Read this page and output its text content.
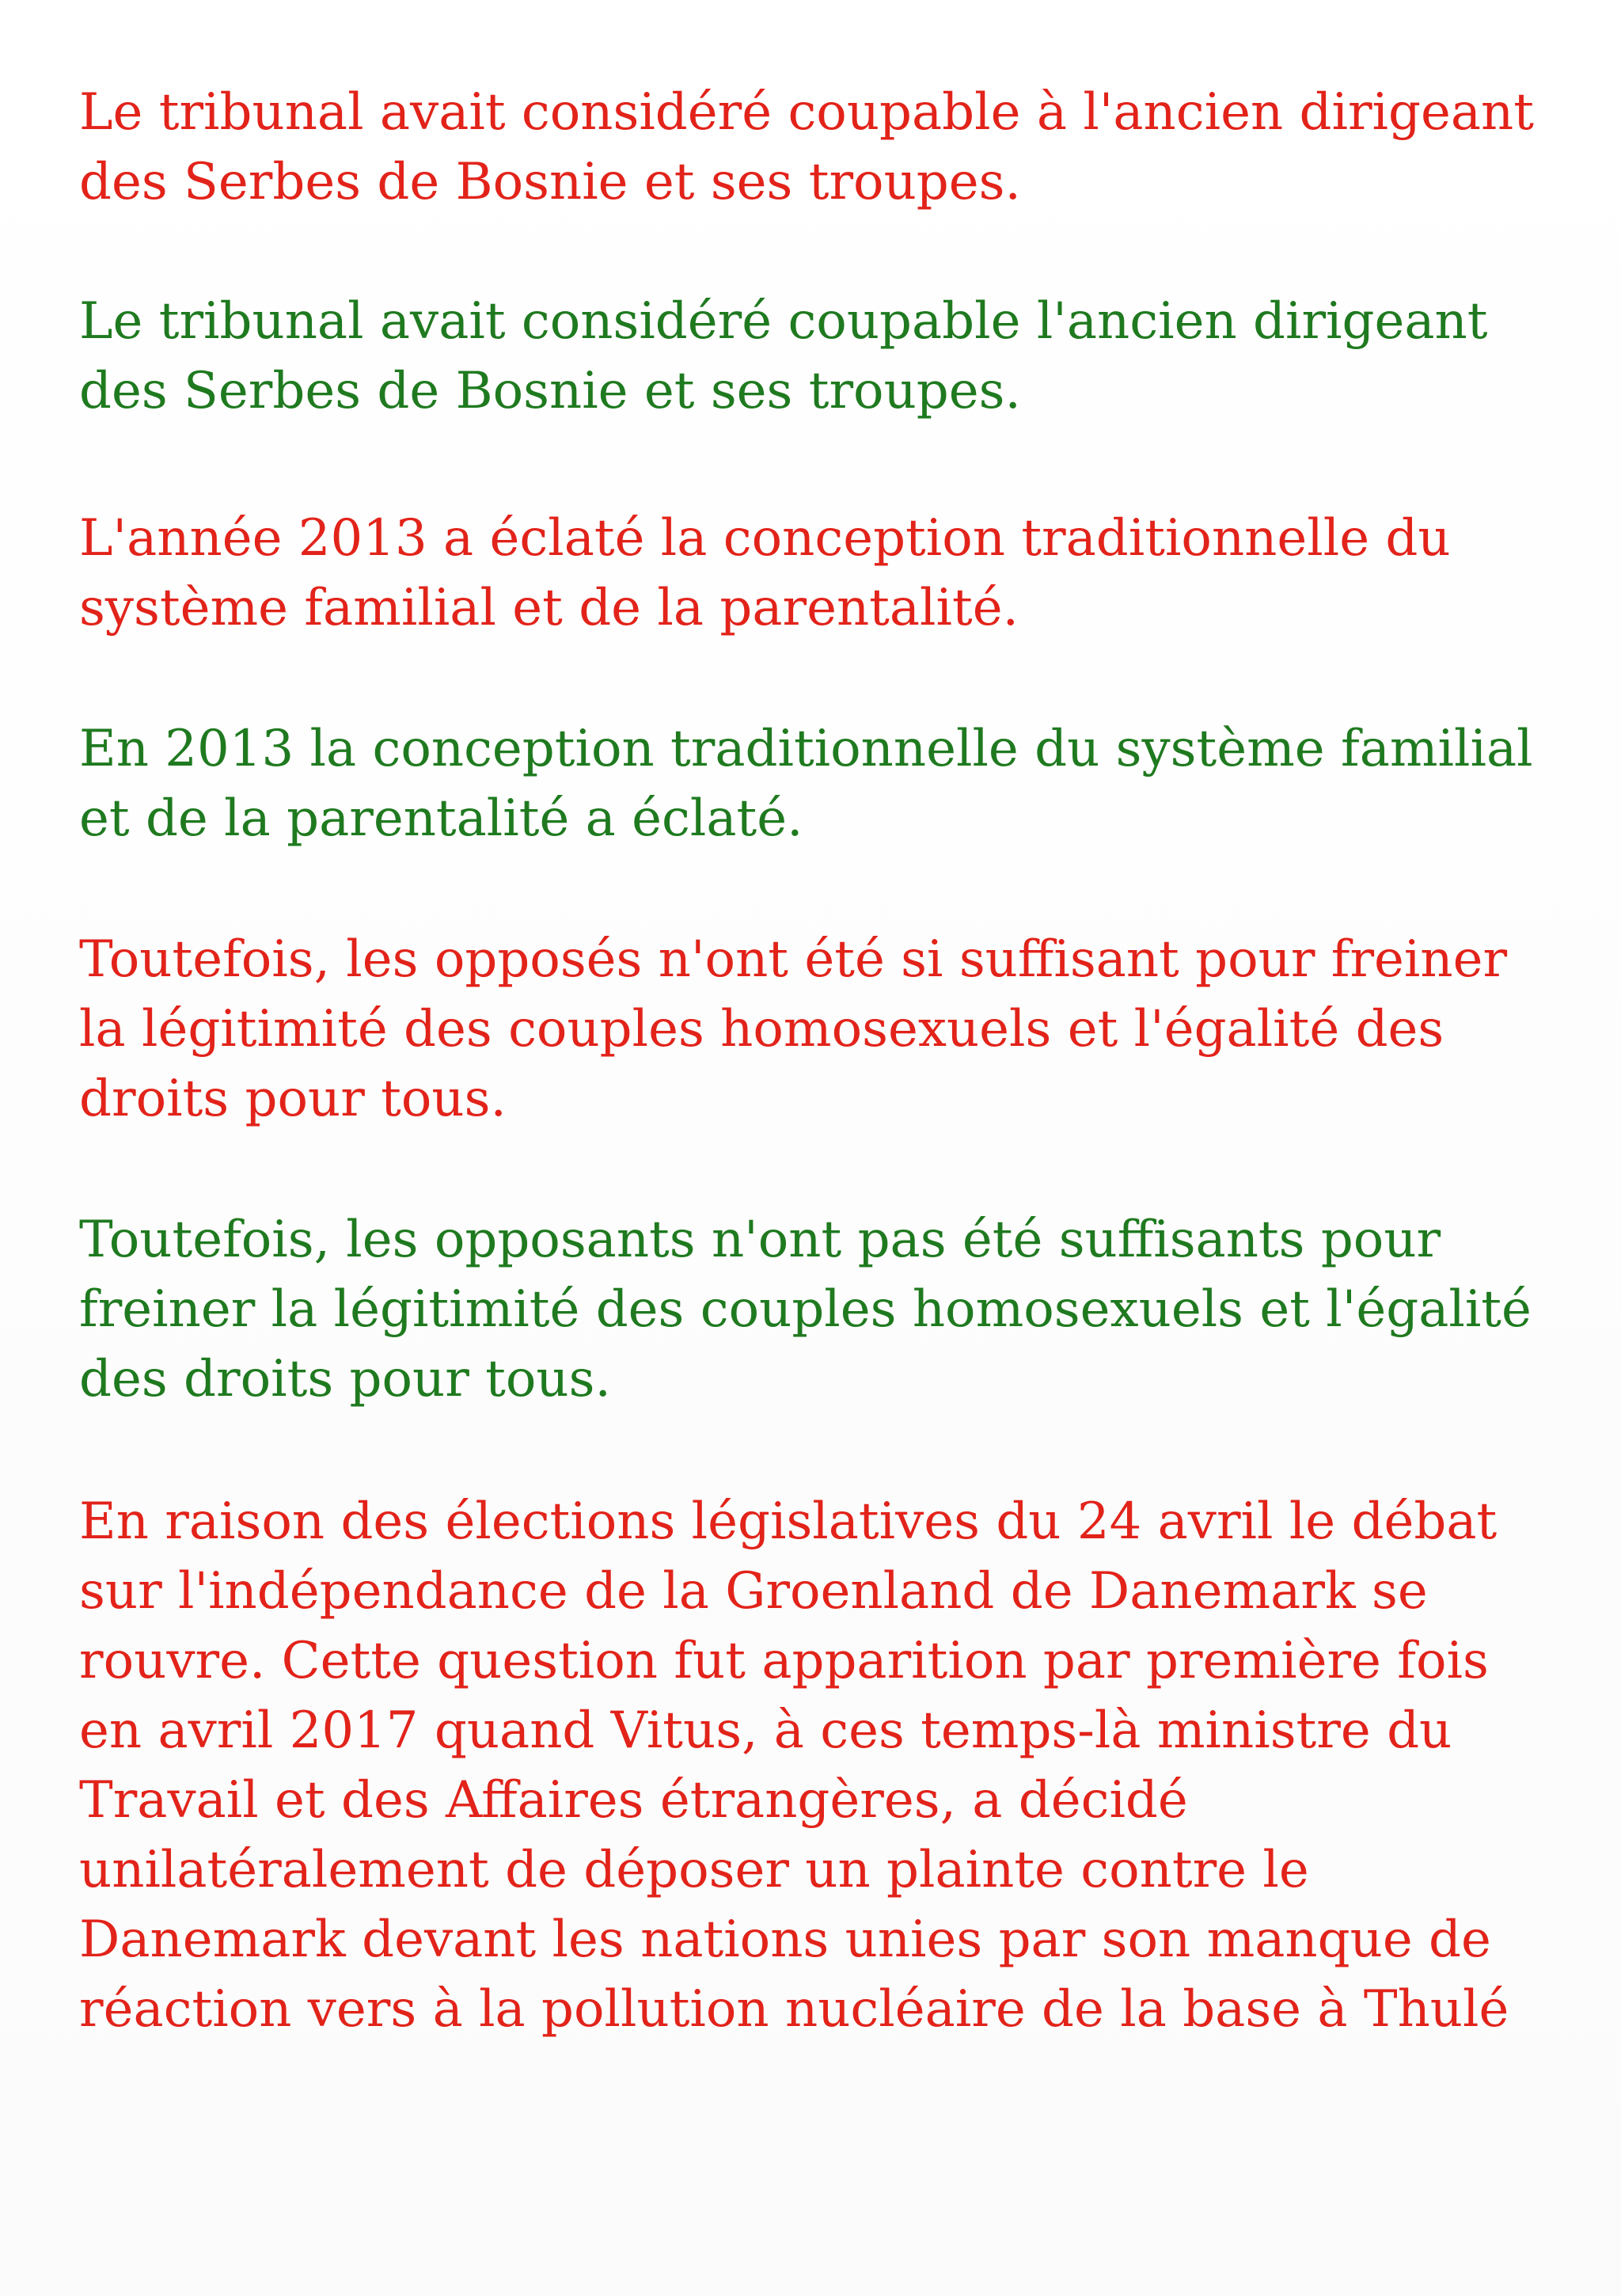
Le tribunal avait considéré coupable à l'ancien dirigeant
des Serbes de Bosnie et ses troupes.
Le tribunal avait considéré coupable l'ancien dirigeant
des Serbes de Bosnie et ses troupes.
L'année 2013 a éclaté la conception traditionnelle du
système familial et de la parentalité.
En 2013 la conception traditionnelle du système familial
et de la parentalité a éclaté.
Toutefois, les opposés n'ont été si suffisant pour freiner
la légitimité des couples homosexuels et l'égalité des
droits pour tous.
Toutefois, les opposants n'ont pas été suffisants pour
freiner la légitimité des couples homosexuels et l'égalité
des droits pour tous.
En raison des élections législatives du 24 avril le débat
sur l'indépendance de la Groenland de Danemark se
rouvre. Cette question fut apparition par première fois
en avril 2017 quand Vitus, à ces temps-là ministre du
Travail et des Affaires étrangères, a décidé
unilatéralement de déposer un plainte contre le
Danemark devant les nations unies par son manque de
réaction vers à la pollution nucléaire de la base à Thulé
